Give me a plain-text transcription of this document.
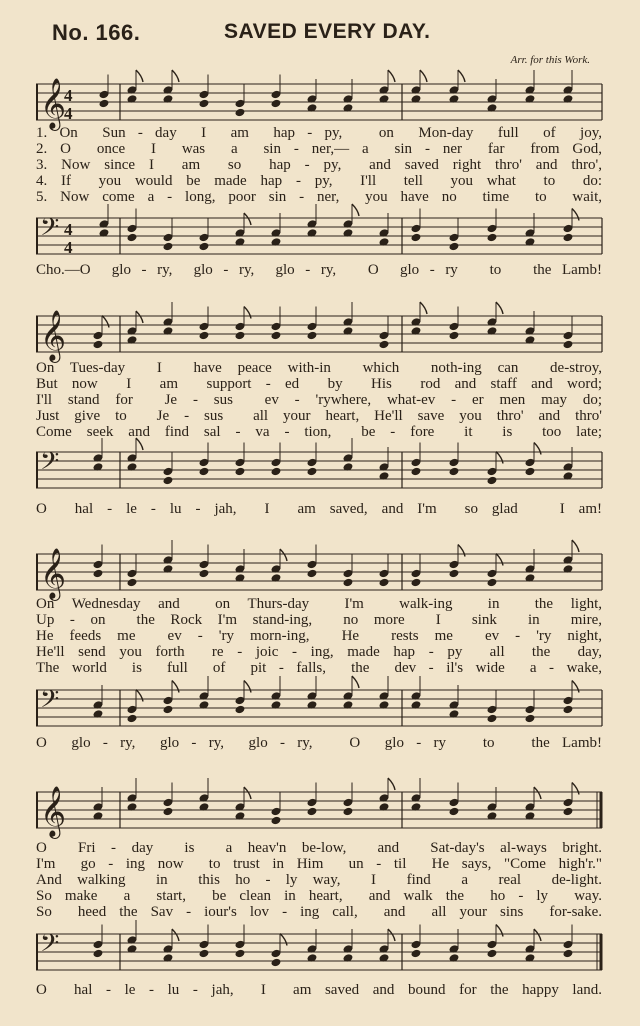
No. 166.	SAVED EVERY DAY.
Arr. for this Work.
𝄞
4
4
1. On  Sun - day  I  am  hap - py,   on  Mon-day  full  of  joy,
2. O  once  I  was  a  sin - ner,— a  sin - ner  far  from God,
3. Now since I  am  so  hap - py,  and saved right thro' and thro',
4. If  you would be made hap - py,  I'll  tell  you what  to  do:
5. Now come a - long, poor sin - ner,  you have no  time  to  wait,
𝄢 4
4
Cho.—O  glo - ry,  glo - ry,  glo - ry,   O  glo - ry   to   the Lamb!
𝄞
On Tues-day  I  have peace with-in  which  noth-ing can  de-stroy,
But now  I  am  support - ed  by  His  rod and staff and word;
I'll stand for  Je - sus  ev - 'rywhere, what-ev - er men may do;
Just give to  Je - sus  all your heart, He'll save you thro' and thro'
Come seek and find sal - va - tion,  be - fore  it  is  too late;
𝄢
O  hal - le - lu - jah,  I  am saved, and I'm  so glad   I am!
𝄞
On Wednesday and  on Thurs-day  I'm  walk-ing  in  the light,
Up - on  the Rock I'm stand-ing,  no more  I  sink  in  mire,
He feeds me  ev - 'ry morn-ing,  He  rests me  ev - 'ry night,
He'll send you forth  re - joic - ing, made hap - py  all  the  day,
The world  is  full  of  pit - falls,  the  dev - il's wide  a - wake,
𝄢
O  glo - ry,  glo - ry,  glo - ry,   O  glo - ry   to   the Lamb!
𝄞
O  Fri - day  is  a heav'n be-low,  and  Sat-day's al-ways bright.
I'm  go - ing now  to trust in Him  un - til  He says, "Come high'r."
And walking  in  this ho - ly way,  I  find  a  real  de-light.
So make  a  start,  be clean in heart,  and walk the  ho - ly  way.
So  heed the Sav - iour's lov - ing call,  and  all your sins  for-sake.
𝄢
O  hal - le - lu - jah,  I  am saved and bound for the happy land.
